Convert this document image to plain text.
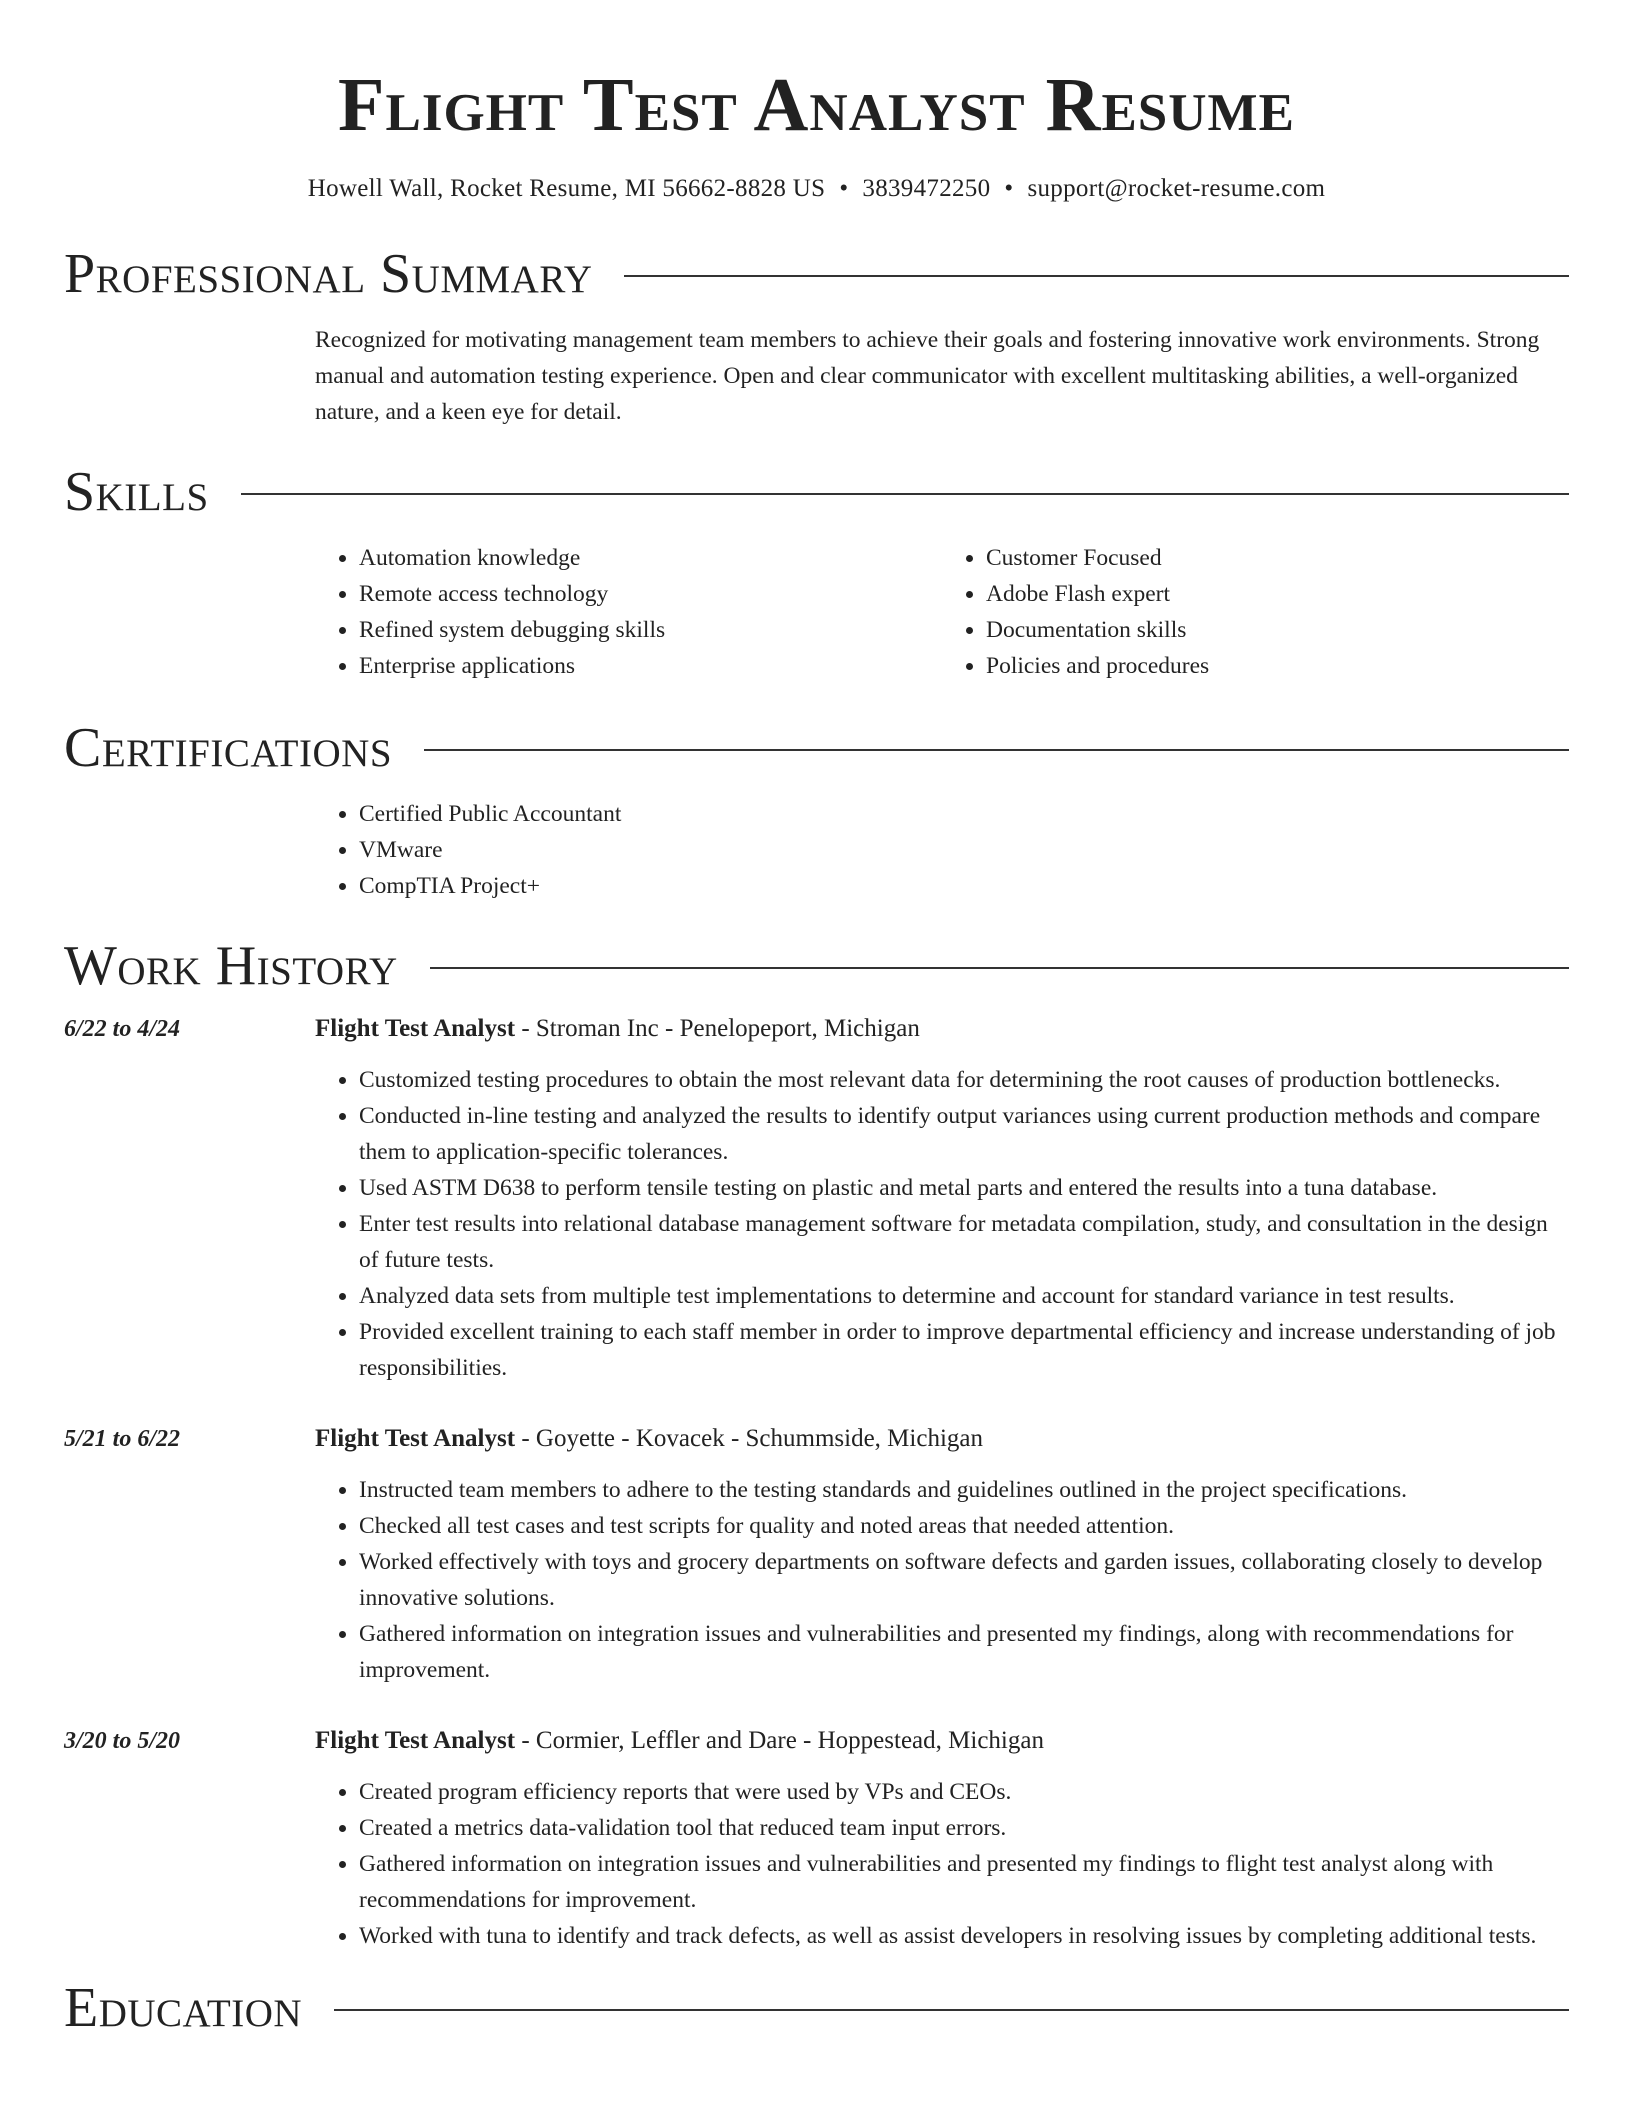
Flight Test Analyst Resume
Howell Wall, Rocket Resume, MI 56662-8828 US • 3839472250 • support@rocket-resume.com
Professional Summary

Recognized for motivating management team members to achieve their goals and fostering innovative work environments. Strong manual and automation testing experience. Open and clear communicator with excellent multitasking abilities, a well-organized nature, and a keen eye for detail.

Skills
• Automation knowledge
• Remote access technology
• Refined system debugging skills
• Enterprise applications
• Customer Focused
• Adobe Flash expert
• Documentation skills
• Policies and procedures
Certifications
• Certified Public Accountant
• VMware
• CompTIA Project+
Work History
6/22 to 4/24	Flight Test Analyst - Stroman Inc - Penelopeport, Michigan
• Customized testing procedures to obtain the most relevant data for determining the root causes of production bottlenecks.
• Conducted in-line testing and analyzed the results to identify output variances using current production methods and compare them to application-specific tolerances.
• Used ASTM D638 to perform tensile testing on plastic and metal parts and entered the results into a tuna database.
• Enter test results into relational database management software for metadata compilation, study, and consultation in the design of future tests.
• Analyzed data sets from multiple test implementations to determine and account for standard variance in test results.
• Provided excellent training to each staff member in order to improve departmental efficiency and increase understanding of job responsibilities.
5/21 to 6/22	Flight Test Analyst - Goyette - Kovacek - Schummside, Michigan
• Instructed team members to adhere to the testing standards and guidelines outlined in the project specifications.
• Checked all test cases and test scripts for quality and noted areas that needed attention.
• Worked effectively with toys and grocery departments on software defects and garden issues, collaborating closely to develop innovative solutions.
• Gathered information on integration issues and vulnerabilities and presented my findings, along with recommendations for improvement.
3/20 to 5/20	Flight Test Analyst - Cormier, Leffler and Dare - Hoppestead, Michigan
• Created program efficiency reports that were used by VPs and CEOs.
• Created a metrics data-validation tool that reduced team input errors.
• Gathered information on integration issues and vulnerabilities and presented my findings to flight test analyst along with recommendations for improvement.
• Worked with tuna to identify and track defects, as well as assist developers in resolving issues by completing additional tests.
Education
